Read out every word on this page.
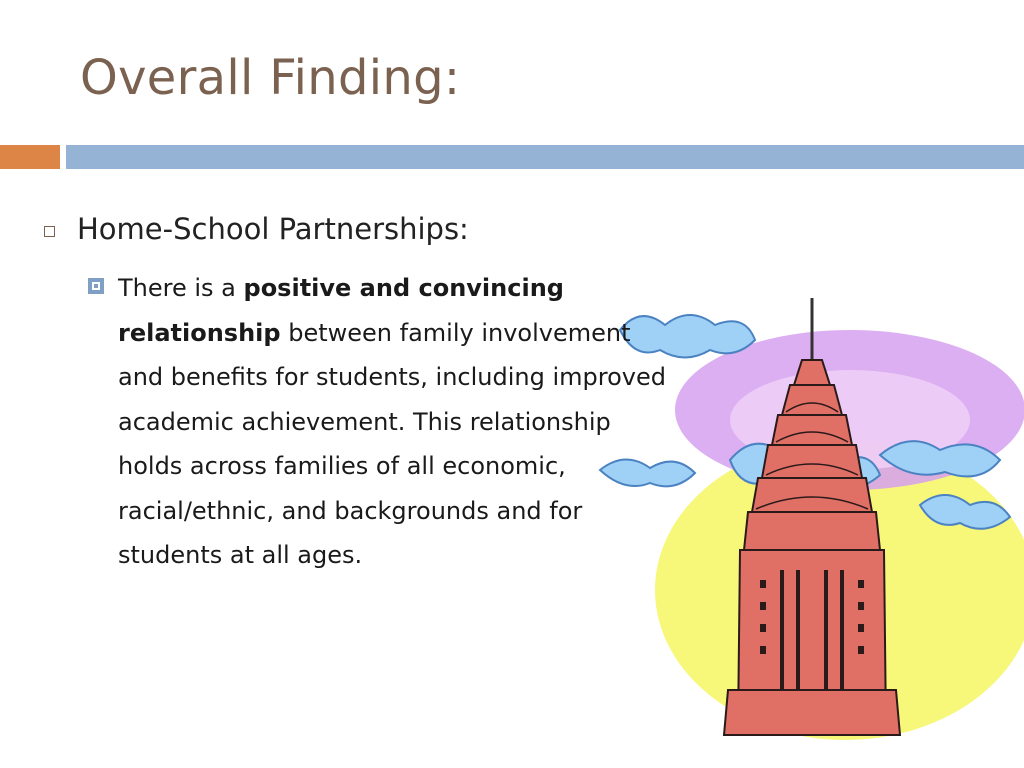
Overall Finding:
Home-School Partnerships:
There is a positive and convincing relationship between family involvement and benefits for students, including improved academic achievement. This relationship holds across families of all economic, racial/ethnic, and backgrounds and for students at all ages.
